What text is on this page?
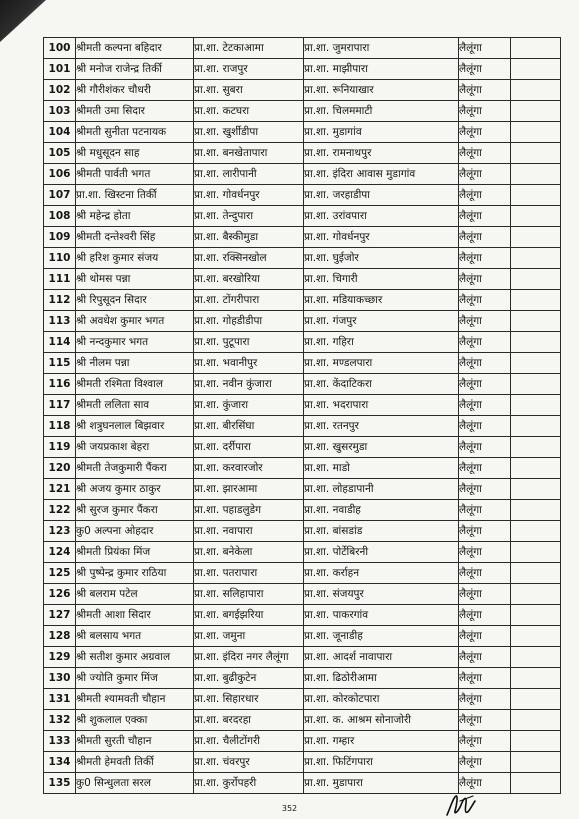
100	श्रीमती कल्पना बहिदार	प्रा.शा. टेटकाआमा	प्रा.शा. जुमरापारा	लैलूंगा	
101	श्री मनोज राजेन्द्र तिर्की	प्रा.शा. राजपुर	प्रा.शा. माझीपारा	लैलूंगा	
102	श्री गौरीशंकर चौधरी	प्रा.शा. सुबरा	प्रा.शा. रूनियाखार	लैलूंगा	
103	श्रीमती उमा सिदार	प्रा.शा. कटघरा	प्रा.शा. चिलममाटी	लैलूंगा	
104	श्रीमती सुनीता पटनायक	प्रा.शा. खुर्शीडीपा	प्रा.शा. मुडागांव	लैलूंगा	
105	श्री मधुसूदन साह	प्रा.शा. बनखेतापारा	प्रा.शा. रामनाथपुर	लैलूंगा	
106	श्रीमती पार्वती भगत	प्रा.शा. लारीपानी	प्रा.शा. इंदिरा आवास मुडागांव	लैलूंगा	
107	प्रा.शा. खिस्टना तिर्की	प्रा.शा. गोवर्धनपुर	प्रा.शा. जरहाडीपा	लैलूंगा	
108	श्री महेन्द्र होता	प्रा.शा. तेन्दुपारा	प्रा.शा. उरांवपारा	लैलूंगा	
109	श्रीमती दन्तेश्वरी सिंह	प्रा.शा. बैस्कीमुडा	प्रा.शा. गोवर्धनपुर	लैलूंगा	
110	श्री हरिश कुमार संजय	प्रा.शा. रक्सिनखोल	प्रा.शा. घुईजोर	लैलूंगा	
111	श्री थोमस पन्ना	प्रा.शा. बरखोरिया	प्रा.शा. चिगारी	लैलूंगा	
112	श्री रिपुसूदन सिदार	प्रा.शा. टोंगरीपारा	प्रा.शा. मडियाकच्छार	लैलूंगा	
113	श्री अवधेश कुमार भगत	प्रा.शा. गोहडीडीपा	प्रा.शा. गंजपुर	लैलूंगा	
114	श्री नन्दकुमार भगत	प्रा.शा. पुटूपारा	प्रा.शा. गहिरा	लैलूंगा	
115	श्री नीलम पन्ना	प्रा.शा. भवानीपुर	प्रा.शा. मण्डलपारा	लैलूंगा	
116	श्रीमती रश्मिता विश्वाल	प्रा.शा. नवीन कुंजारा	प्रा.शा. केंदाटिकरा	लैलूंगा	
117	श्रीमती ललिता साव	प्रा.शा. कुंजारा	प्रा.शा. भदरापारा	लैलूंगा	
118	श्री शत्रुघनलाल बिझवार	प्रा.शा. बीरसिंघा	प्रा.शा. रतनपुर	लैलूंगा	
119	श्री जयप्रकाश बेहरा	प्रा.शा. दर्रीपारा	प्रा.शा. खुसरमुडा	लैलूंगा	
120	श्रीमती तेजकुमारी पैंकरा	प्रा.शा. करवारजोर	प्रा.शा. माडो	लैलूंगा	
121	श्री अजय कुमार ठाकुर	प्रा.शा. झारआमा	प्रा.शा. लोहडापानी	लैलूंगा	
122	श्री सुरज कुमार पैंकरा	प्रा.शा. पहाडलुडेग	प्रा.शा. नवाडीह	लैलूंगा	
123	कु0 अल्पना ओहदार	प्रा.शा. नवापारा	प्रा.शा. बांसडांड	लैलूंगा	
124	श्रीमती प्रियंका मिंज	प्रा.शा. बनेकेला	प्रा.शा. पोर्टेबिरनी	लैलूंगा	
125	श्री पुष्पेन्द्र कुमार राठिया	प्रा.शा. पतरापारा	प्रा.शा. कर्राहन	लैलूंगा	
126	श्री बलराम पटेल	प्रा.शा. सलिहापारा	प्रा.शा. संजयपुर	लैलूंगा	
127	श्रीमती आशा सिदार	प्रा.शा. बगईझरिया	प्रा.शा. पाकरगांव	लैलूंगा	
128	श्री बलसाय भगत	प्रा.शा. जमुना	प्रा.शा. जूनाडीह	लैलूंगा	
129	श्री सतीश कुमार अग्रवाल	प्रा.शा. इंदिरा नगर लैलूंगा	प्रा.शा. आदर्श नावापारा	लैलूंगा	
130	श्री ज्योति कुमार मिंज	प्रा.शा. बुढीकुटेन	प्रा.शा. ढिठोरीआमा	लैलूंगा	
131	श्रीमती श्यामवती चौहान	प्रा.शा. सिहारधार	प्रा.शा. कोरकोटपारा	लैलूंगा	
132	श्री शुकलाल एक्का	प्रा.शा. बरदरहा	प्रा.शा. क. आश्रम सोनाजोरी	लैलूंगा	
133	श्रीमती सुरती चौहान	प्रा.शा. चैलीटोंगरी	प्रा.शा. गम्हार	लैलूंगा	
134	श्रीमती हेमवती तिर्की	प्रा.शा. चंवरपुर	प्रा.शा. फिटिंगपारा	लैलूंगा	
135	कु0 सिन्धुलता सरल	प्रा.शा. कुर्रोपहरी	प्रा.शा. मुडापारा	लैलूंगा	
352
